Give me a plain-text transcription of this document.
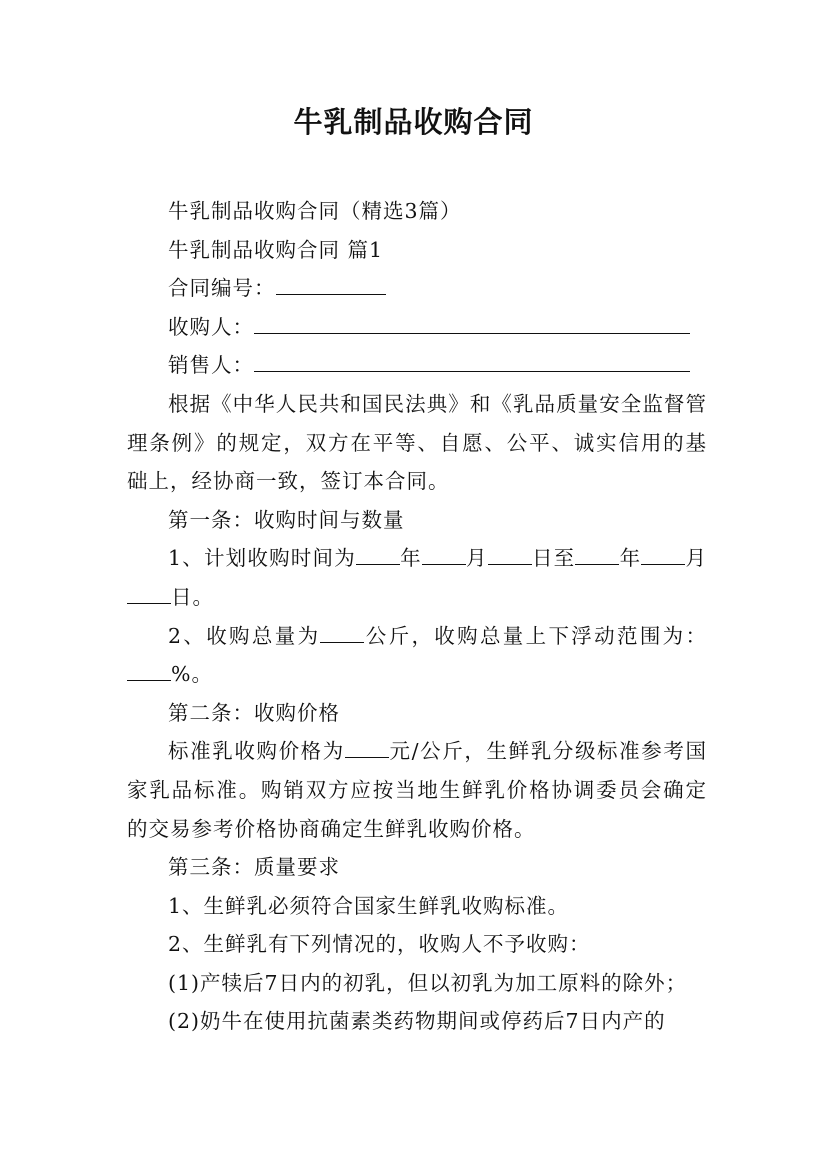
牛乳制品收购合同

牛乳制品收购合同（精选3篇）

牛乳制品收购合同 篇1

合同编号：

收购人：

销售人：

根据《中华人民共和国民法典》和《乳品质量安全监督管理条例》的规定，双方在平等、自愿、公平、诚实信用的基础上，经协商一致，签订本合同。

第一条：收购时间与数量

1、计划收购时间为 年 月 日至 年 月日。

2、收购总量为 公斤，收购总量上下浮动范围为：%。

第二条：收购价格

标准乳收购价格为 元/公斤，生鲜乳分级标准参考国家乳品标准。购销双方应按当地生鲜乳价格协调委员会确定的交易参考价格协商确定生鲜乳收购价格。

第三条：质量要求

1、生鲜乳必须符合国家生鲜乳收购标准。

2、生鲜乳有下列情况的，收购人不予收购：

(1)产犊后7日内的初乳，但以初乳为加工原料的除外；

(2)奶牛在使用抗菌素类药物期间或停药后7日内产的
